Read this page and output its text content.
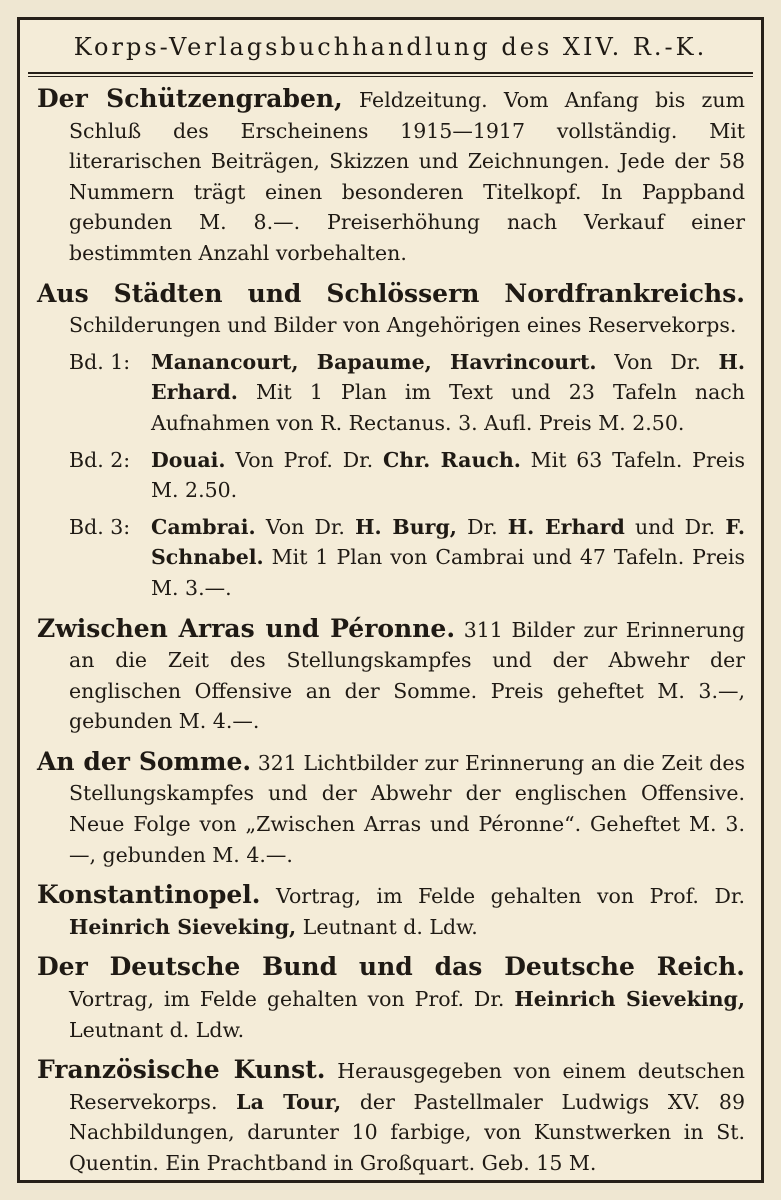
Korps-Verlagsbuchhandlung des XIV. R.-K.
Der Schützengraben, Feldzeitung. Vom Anfang bis zum Schluß des Erscheinens 1915—1917 vollständig. Mit literarischen Beiträgen, Skizzen und Zeichnungen. Jede der 58 Nummern trägt einen besonderen Titelkopf. In Pappband gebunden M. 8.—. Preiserhöhung nach Verkauf einer bestimmten Anzahl vorbehalten.
Aus Städten und Schlössern Nordfrankreichs. Schilderungen und Bilder von Angehörigen eines Reservekorps.
Bd. 1: Manancourt, Bapaume, Havrincourt. Von Dr. H. Erhard. Mit 1 Plan im Text und 23 Tafeln nach Aufnahmen von R. Rectanus. 3. Aufl. Preis M. 2.50.
Bd. 2: Douai. Von Prof. Dr. Chr. Rauch. Mit 63 Tafeln. Preis M. 2.50.
Bd. 3: Cambrai. Von Dr. H. Burg, Dr. H. Erhard und Dr. F. Schnabel. Mit 1 Plan von Cambrai und 47 Tafeln. Preis M. 3.—.
Zwischen Arras und Péronne. 311 Bilder zur Erinnerung an die Zeit des Stellungskampfes und der Abwehr der englischen Offensive an der Somme. Preis geheftet M. 3.—, gebunden M. 4.—.
An der Somme. 321 Lichtbilder zur Erinnerung an die Zeit des Stellungskampfes und der Abwehr der englischen Offensive. Neue Folge von „Zwischen Arras und Péronne“. Geheftet M. 3.—, gebunden M. 4.—.
Konstantinopel. Vortrag, im Felde gehalten von Prof. Dr. Heinrich Sieveking, Leutnant d. Ldw.
Der Deutsche Bund und das Deutsche Reich. Vortrag, im Felde gehalten von Prof. Dr. Heinrich Sieveking, Leutnant d. Ldw.
Französische Kunst. Herausgegeben von einem deutschen Reservekorps. La Tour, der Pastellmaler Ludwigs XV. 89 Nachbildungen, darunter 10 farbige, von Kunstwerken in St. Quentin. Ein Prachtband in Großquart. Geb. 15 M.
